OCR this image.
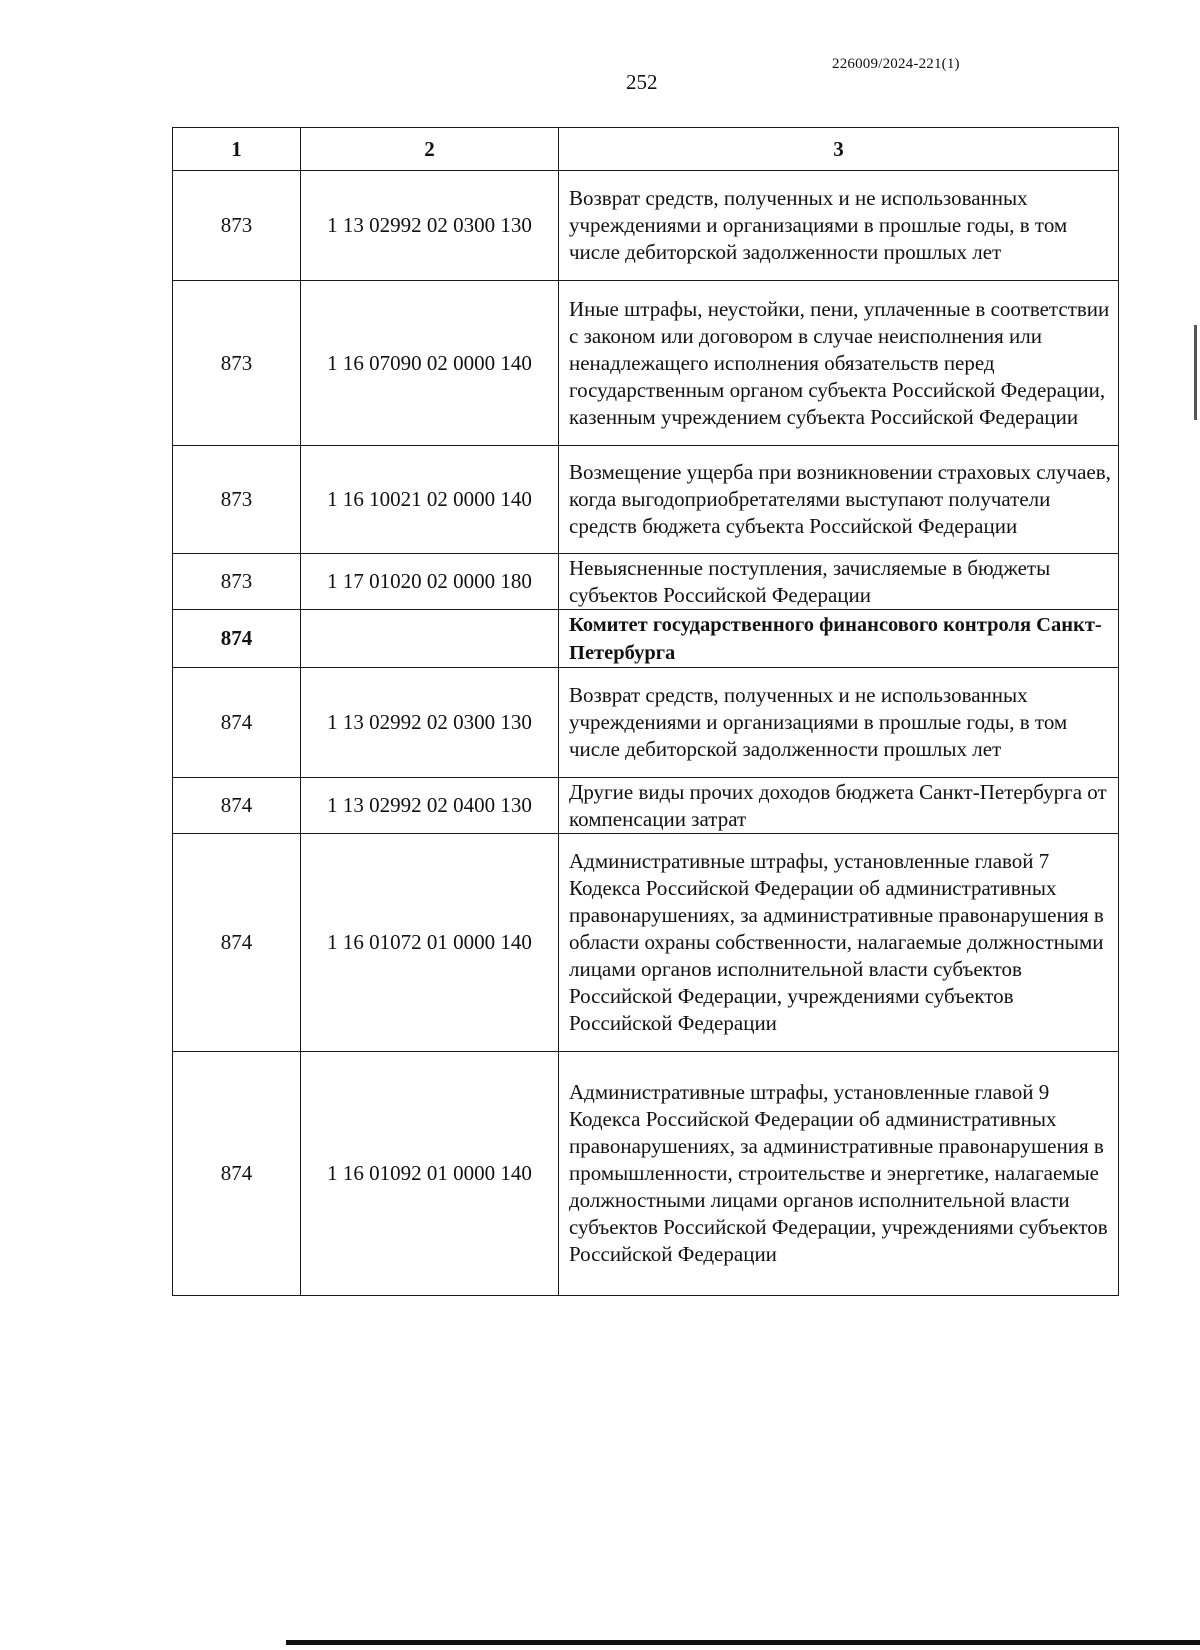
226009/2024-221(1)
252
1	2	3
873	1 13 02992 02 0300 130	Возврат средств, полученных и не использованных учреждениями и организациями в прошлые годы, в том числе дебиторской задолженности прошлых лет
873	1 16 07090 02 0000 140	Иные штрафы, неустойки, пени, уплаченные в соответствии с законом или договором в случае неисполнения или ненадлежащего исполнения обязательств перед государственным органом субъекта Российской Федерации, казенным учреждением субъекта Российской Федерации
873	1 16 10021 02 0000 140	Возмещение ущерба при возникновении страховых случаев, когда выгодоприобретателями выступают получатели средств бюджета субъекта Российской Федерации
873	1 17 01020 02 0000 180	Невыясненные поступления, зачисляемые в бюджеты субъектов Российской Федерации
874		Комитет государственного финансового контроля Санкт-Петербурга
874	1 13 02992 02 0300 130	Возврат средств, полученных и не использованных учреждениями и организациями в прошлые годы, в том числе дебиторской задолженности прошлых лет
874	1 13 02992 02 0400 130	Другие виды прочих доходов бюджета Санкт-Петербурга от компенсации затрат
874	1 16 01072 01 0000 140	Административные штрафы, установленные главой 7 Кодекса Российской Федерации об административных правонарушениях, за административные правонарушения в области охраны собственности, налагаемые должностными лицами органов исполнительной власти субъектов Российской Федерации, учреждениями субъектов Российской Федерации
874	1 16 01092 01 0000 140	Административные штрафы, установленные главой 9 Кодекса Российской Федерации об административных правонарушениях, за административные правонарушения в промышленности, строительстве и энергетике, налагаемые должностными лицами органов исполнительной власти субъектов Российской Федерации, учреждениями субъектов Российской Федерации
